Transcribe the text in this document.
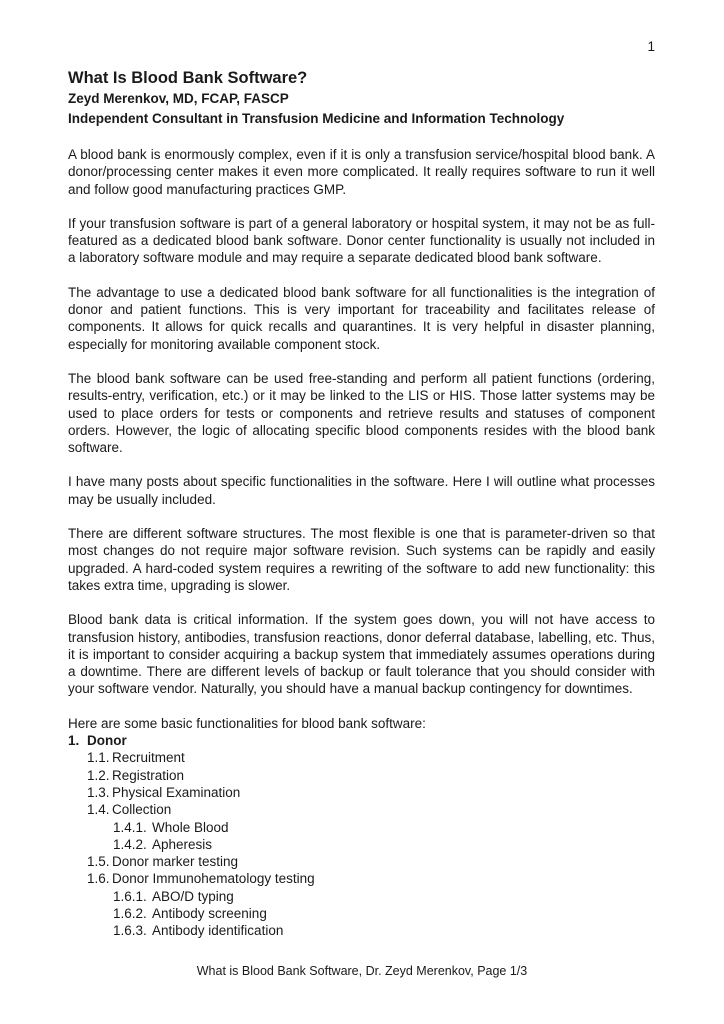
1
What Is Blood Bank Software?
Zeyd Merenkov, MD, FCAP, FASCP
Independent Consultant in Transfusion Medicine and Information Technology

A blood bank is enormously complex, even if it is only a transfusion service/hospital blood bank. A donor/processing center makes it even more complicated. It really requires software to run it well and follow good manufacturing practices GMP.

If your transfusion software is part of a general laboratory or hospital system, it may not be as full-featured as a dedicated blood bank software. Donor center functionality is usually not included in a laboratory software module and may require a separate dedicated blood bank software.

The advantage to use a dedicated blood bank software for all functionalities is the integration of donor and patient functions. This is very important for traceability and facilitates release of components. It allows for quick recalls and quarantines. It is very helpful in disaster planning, especially for monitoring available component stock.

The blood bank software can be used free-standing and perform all patient functions (ordering, results-entry, verification, etc.) or it may be linked to the LIS or HIS. Those latter systems may be used to place orders for tests or components and retrieve results and statuses of component orders. However, the logic of allocating specific blood components resides with the blood bank software.

I have many posts about specific functionalities in the software. Here I will outline what processes may be usually included.

There are different software structures. The most flexible is one that is parameter-driven so that most changes do not require major software revision. Such systems can be rapidly and easily upgraded. A hard-coded system requires a rewriting of the software to add new functionality: this takes extra time, upgrading is slower.

Blood bank data is critical information. If the system goes down, you will not have access to transfusion history, antibodies, transfusion reactions, donor deferral database, labelling, etc. Thus, it is important to consider acquiring a backup system that immediately assumes operations during a downtime. There are different levels of backup or fault tolerance that you should consider with your software vendor. Naturally, you should have a manual backup contingency for downtimes.

Here are some basic functionalities for blood bank software:

1. Donor
1.1. Recruitment
1.2. Registration
1.3. Physical Examination
1.4. Collection
1.4.1. Whole Blood
1.4.2. Apheresis
1.5. Donor marker testing
1.6. Donor Immunohematology testing
1.6.1. ABO/D typing
1.6.2. Antibody screening
1.6.3. Antibody identification
What is Blood Bank Software, Dr. Zeyd Merenkov, Page 1/3
